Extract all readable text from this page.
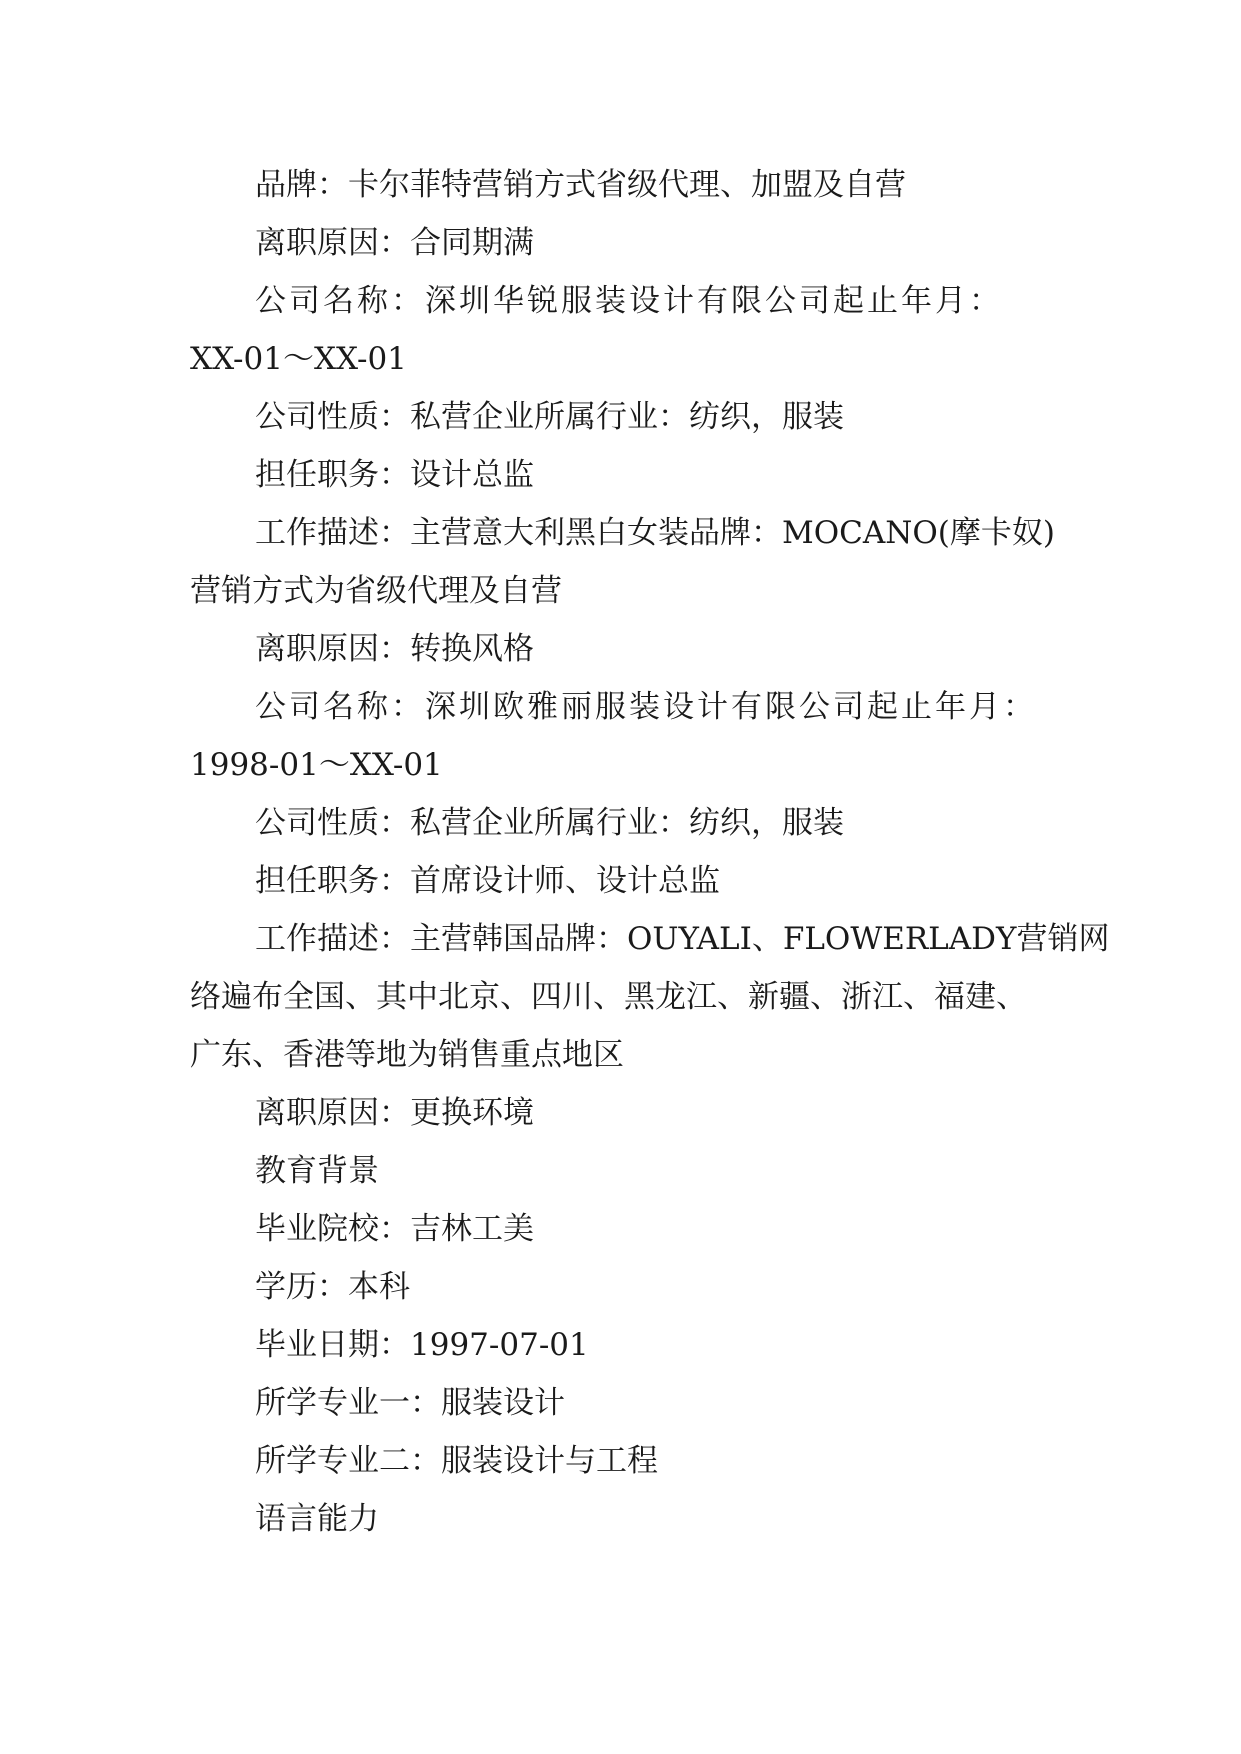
品牌：卡尔菲特营销方式省级代理、加盟及自营
离职原因：合同期满
公司名称：深圳华锐服装设计有限公司起止年月：
XX-01～XX-01
公司性质：私营企业所属行业：纺织，服装
担任职务：设计总监
工作描述：主营意大利黑白女装品牌：MOCANO(摩卡奴)
营销方式为省级代理及自营
离职原因：转换风格
公司名称：深圳欧雅丽服装设计有限公司起止年月：
1998-01～XX-01
公司性质：私营企业所属行业：纺织，服装
担任职务：首席设计师、设计总监
工作描述：主营韩国品牌：OUYALI、FLOWERLADY营销网
络遍布全国、其中北京、四川、黑龙江、新疆、浙江、福建、
广东、香港等地为销售重点地区
离职原因：更换环境
教育背景
毕业院校：吉林工美
学历：本科
毕业日期：1997-07-01
所学专业一：服装设计
所学专业二：服装设计与工程
语言能力
